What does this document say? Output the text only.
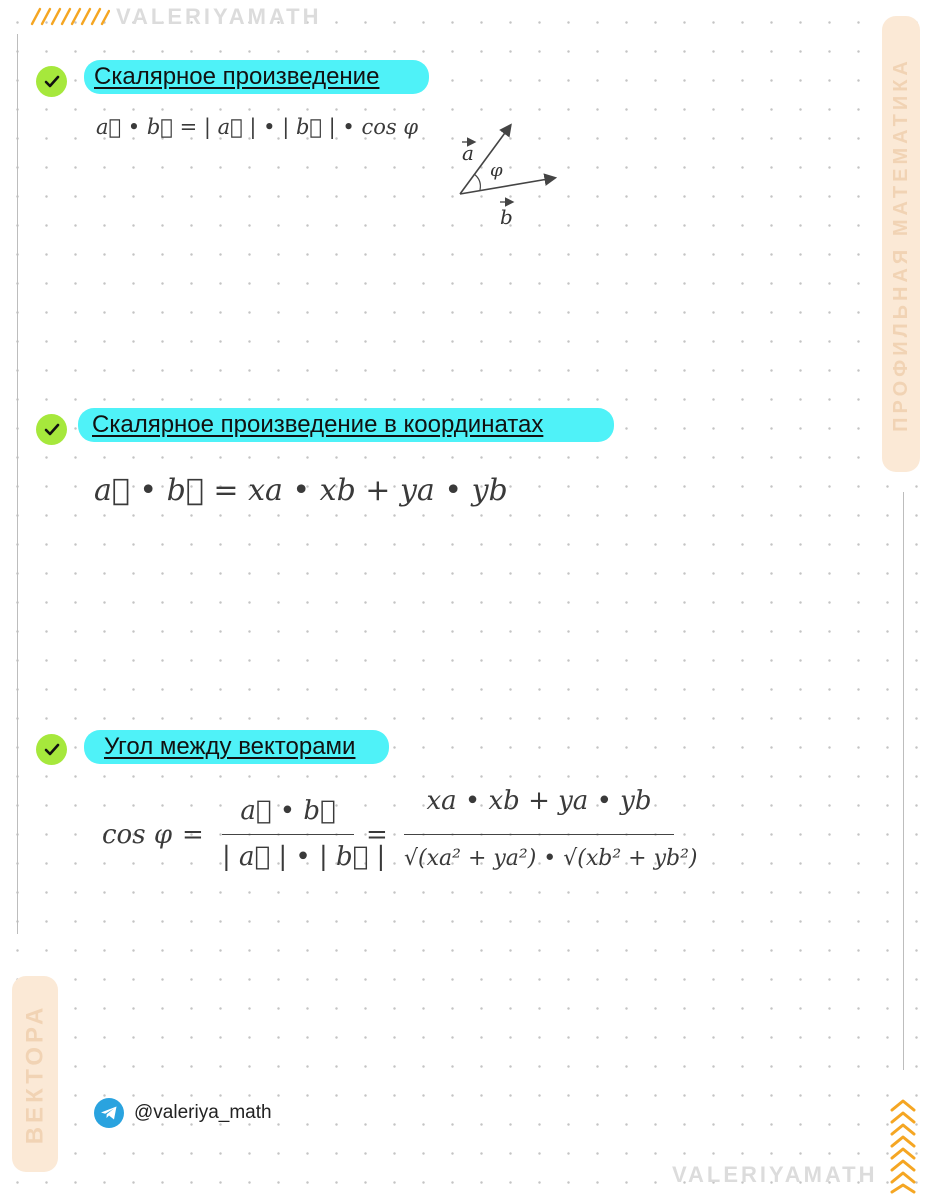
VALERIYAMATH
ПРОФИЛЬНАЯ МАТЕМАТИКА
ВЕКТОРА
Скалярное произведение
a⃗ • b⃗ = | a⃗ | • | b⃗ | • cos φ
a
φ
b
Скалярное произведение в координатах
a⃗ • b⃗ = xa • xb + ya • yb
Угол между векторами
cos φ =
a⃗ • b⃗
| a⃗ | • | b⃗ |
=
xa • xb + ya • yb
√(xa² + ya²) • √(xb² + yb²)
@valeriya_math
VALERIYAMATH
